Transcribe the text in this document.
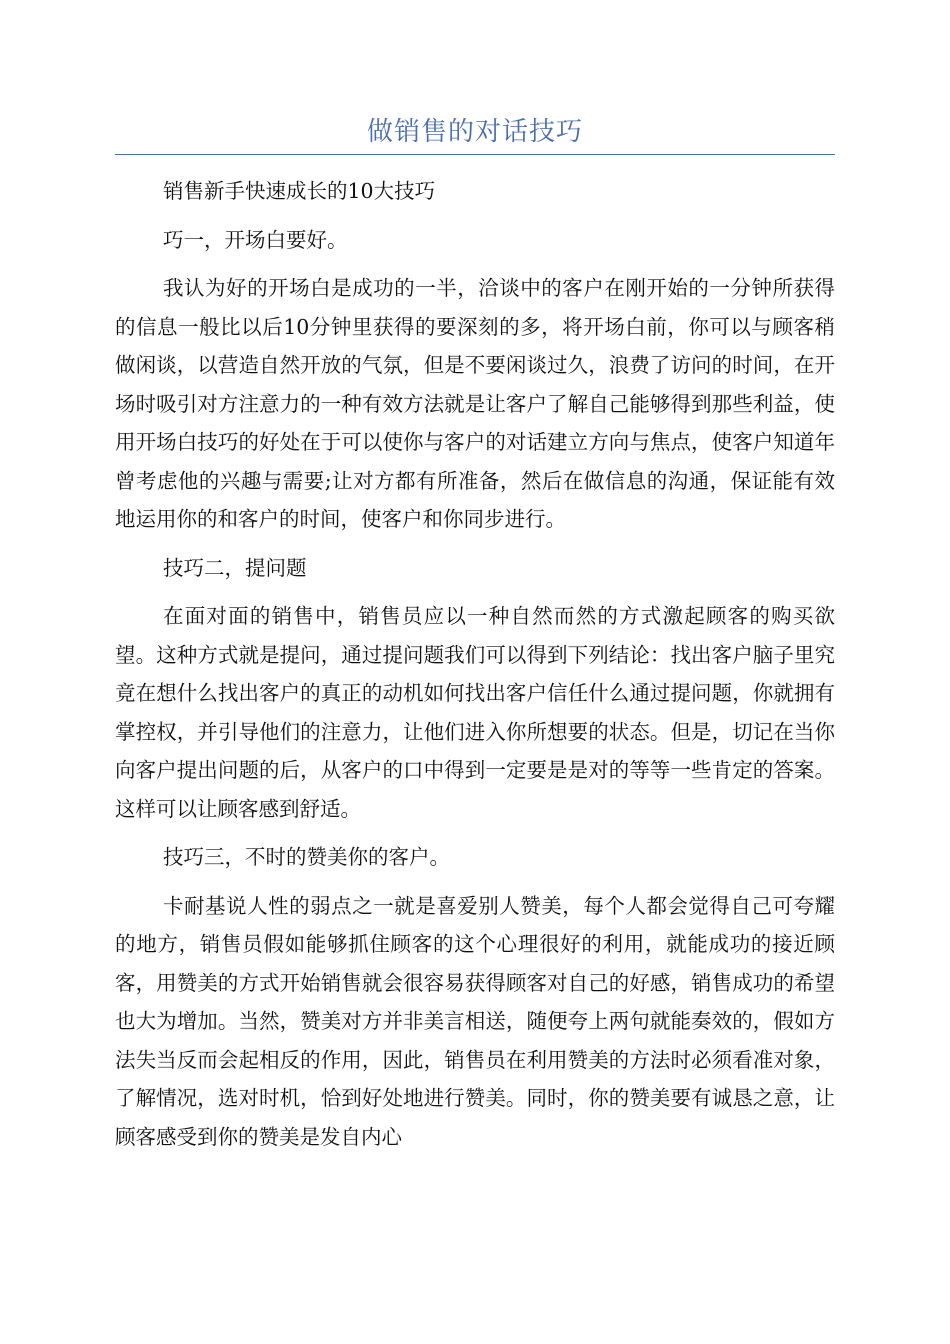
做销售的对话技巧

销售新手快速成长的10大技巧

巧一，开场白要好。

我认为好的开场白是成功的一半，洽谈中的客户在刚开始的一分钟所获得的信息一般比以后10分钟里获得的要深刻的多，将开场白前，你可以与顾客稍做闲谈，以营造自然开放的气氛，但是不要闲谈过久，浪费了访问的时间，在开场时吸引对方注意力的一种有效方法就是让客户了解自己能够得到那些利益，使用开场白技巧的好处在于可以使你与客户的对话建立方向与焦点，使客户知道年曾考虑他的兴趣与需要;让对方都有所准备，然后在做信息的沟通，保证能有效地运用你的和客户的时间，使客户和你同步进行。

技巧二，提问题

在面对面的销售中，销售员应以一种自然而然的方式激起顾客的购买欲望。这种方式就是提问，通过提问题我们可以得到下列结论：找出客户脑子里究竟在想什么找出客户的真正的动机如何找出客户信任什么通过提问题，你就拥有掌控权，并引导他们的注意力，让他们进入你所想要的状态。但是，切记在当你向客户提出问题的后，从客户的口中得到一定要是是对的等等一些肯定的答案。这样可以让顾客感到舒适。

技巧三，不时的赞美你的客户。

卡耐基说人性的弱点之一就是喜爱别人赞美，每个人都会觉得自己可夸耀的地方，销售员假如能够抓住顾客的这个心理很好的利用，就能成功的接近顾客，用赞美的方式开始销售就会很容易获得顾客对自己的好感，销售成功的希望也大为增加。当然，赞美对方并非美言相送，随便夸上两句就能奏效的，假如方法失当反而会起相反的作用，因此，销售员在利用赞美的方法时必须看准对象，了解情况，选对时机，恰到好处地进行赞美。同时，你的赞美要有诚恳之意，让顾客感受到你的赞美是发自内心
